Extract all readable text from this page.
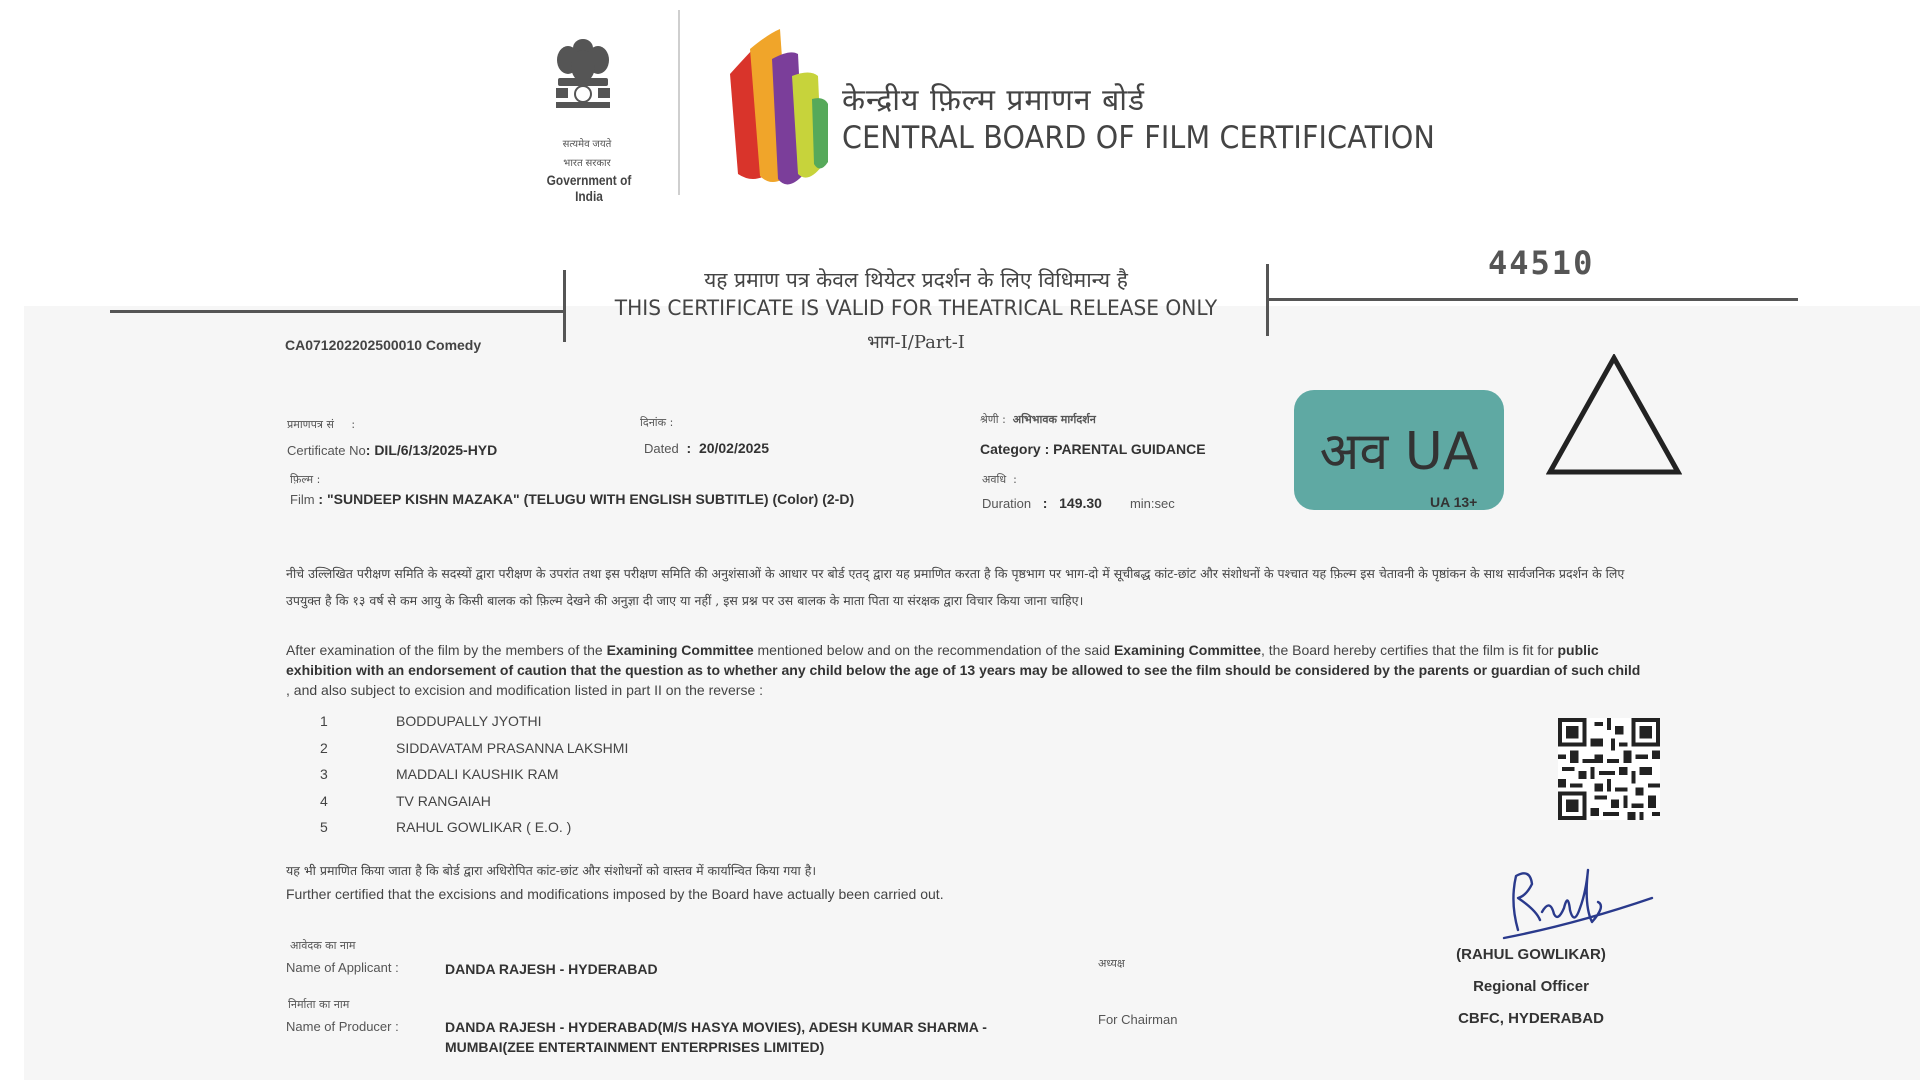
सत्यमेव जयते
भारत सरकार
Government of India
केन्द्रीय फ़िल्म प्रमाणन बोर्ड
CENTRAL BOARD OF FILM CERTIFICATION
यह प्रमाण पत्र केवल थियेटर प्रदर्शन के लिए विधिमान्य है
THIS CERTIFICATE IS VALID FOR THEATRICAL RELEASE ONLY
भाग-I/Part-I
44510
CA071202202500010 Comedy
प्रमाणपत्र सं     :
Certificate No: DIL/6/13/2025-HYD
दिनांक :
Dated  :  20/02/2025
श्रेणी :  अभिभावक मार्गदर्शन
Category : PARENTAL GUIDANCE
फ़िल्म :
Film : "SUNDEEP KISHN MAZAKA" (TELUGU WITH ENGLISH SUBTITLE) (Color) (2-D)
अवधि  :
Duration   :   149.30 min:sec
अव UA
UA 13+
नीचे उल्लिखित परीक्षण समिति के सदस्यों द्वारा परीक्षण के उपरांत तथा इस परीक्षण समिति की अनुशंसाओं के आधार पर बोर्ड एतद् द्वारा यह प्रमाणित करता है कि पृष्ठभाग पर भाग-दो में सूचीबद्ध कांट-छांट और संशोधनों के पश्चात यह फ़िल्म इस चेतावनी के पृष्ठांकन के साथ सार्वजनिक प्रदर्शन के लिए उपयुक्त है कि १३ वर्ष से कम आयु के किसी बालक को फ़िल्म देखने की अनुज्ञा दी जाए या नहीं , इस प्रश्न पर उस बालक के माता पिता या संरक्षक द्वारा विचार किया जाना चाहिए।
After examination of the film by the members of the Examining Committee mentioned below and on the recommendation of the said Examining Committee, the Board hereby certifies that the film is fit for public exhibition with an endorsement of caution that the question as to whether any child below the age of 13 years may be allowed to see the film should be considered by the parents or guardian of such child , and also subject to excision and modification listed in part II on the reverse :
1	BODDUPALLY JYOTHI
2	SIDDAVATAM PRASANNA LAKSHMI
3	MADDALI KAUSHIK RAM
4	TV RANGAIAH
5	RAHUL GOWLIKAR ( E.O. )
यह भी प्रमाणित किया जाता है कि बोर्ड द्वारा अधिरोपित कांट-छांट और संशोधनों को वास्तव में कार्यान्वित किया गया है।
Further certified that the excisions and modifications imposed by the Board have actually been carried out.
आवेदक का नाम
Name of Applicant :	DANDA RAJESH - HYDERABAD
निर्माता का नाम
Name of Producer :	DANDA RAJESH - HYDERABAD(M/S HASYA MOVIES), ADESH KUMAR SHARMA -
MUMBAI(ZEE ENTERTAINMENT ENTERPRISES LIMITED)
अध्यक्ष
For Chairman
(RAHUL GOWLIKAR)
Regional Officer
CBFC, HYDERABAD
